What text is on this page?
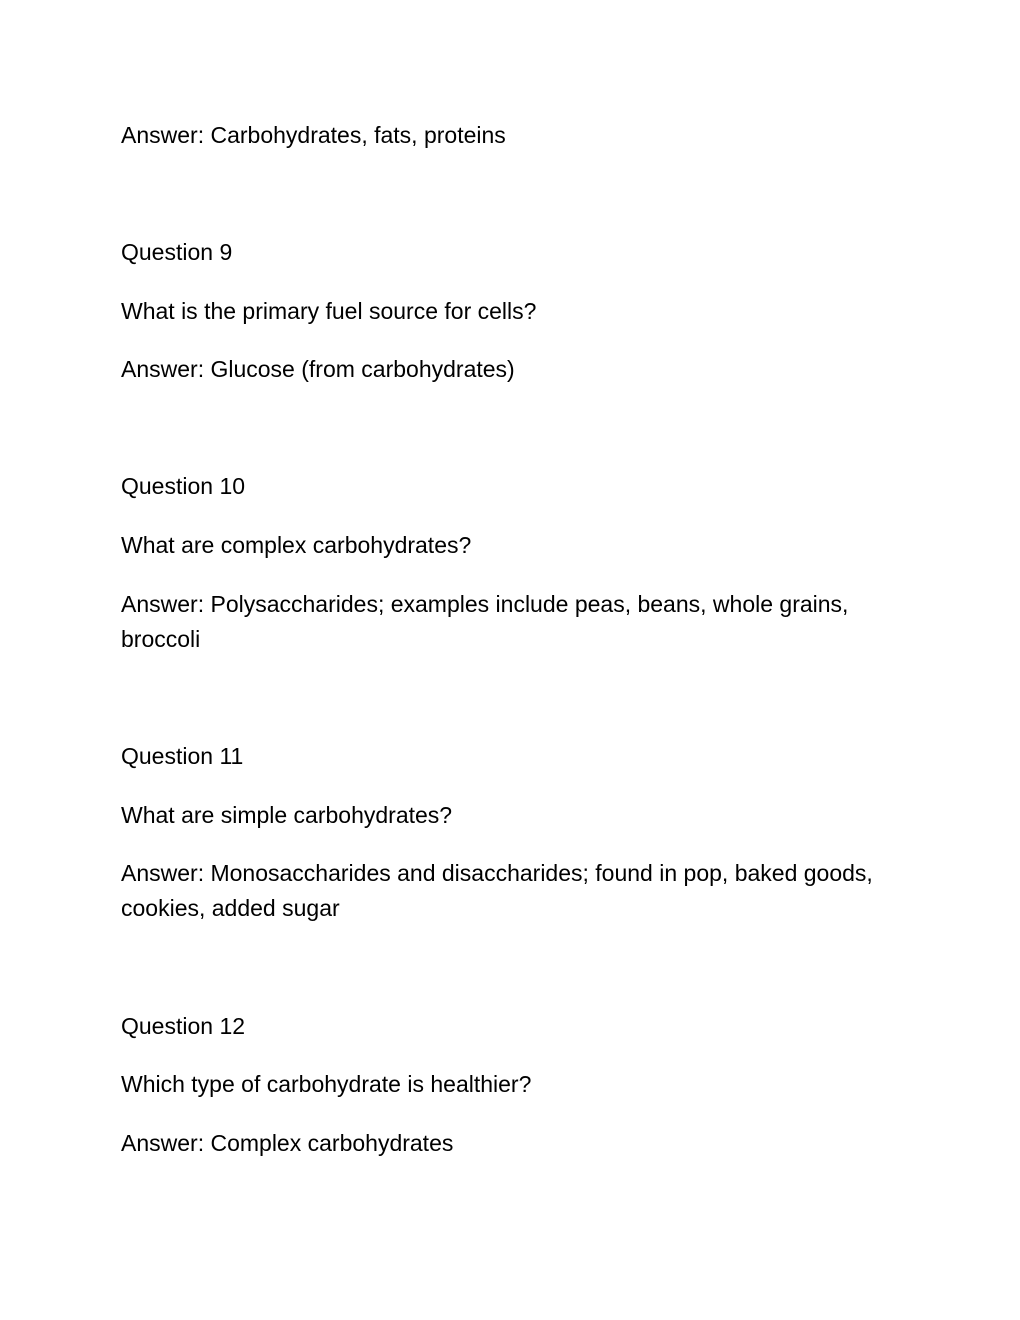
Answer: Carbohydrates, fats, proteins

Question 9

What is the primary fuel source for cells?

Answer: Glucose (from carbohydrates)

Question 10

What are complex carbohydrates?

Answer: Polysaccharides; examples include peas, beans, whole grains, broccoli

Question 11

What are simple carbohydrates?

Answer: Monosaccharides and disaccharides; found in pop, baked goods, cookies, added sugar

Question 12

Which type of carbohydrate is healthier?

Answer: Complex carbohydrates
